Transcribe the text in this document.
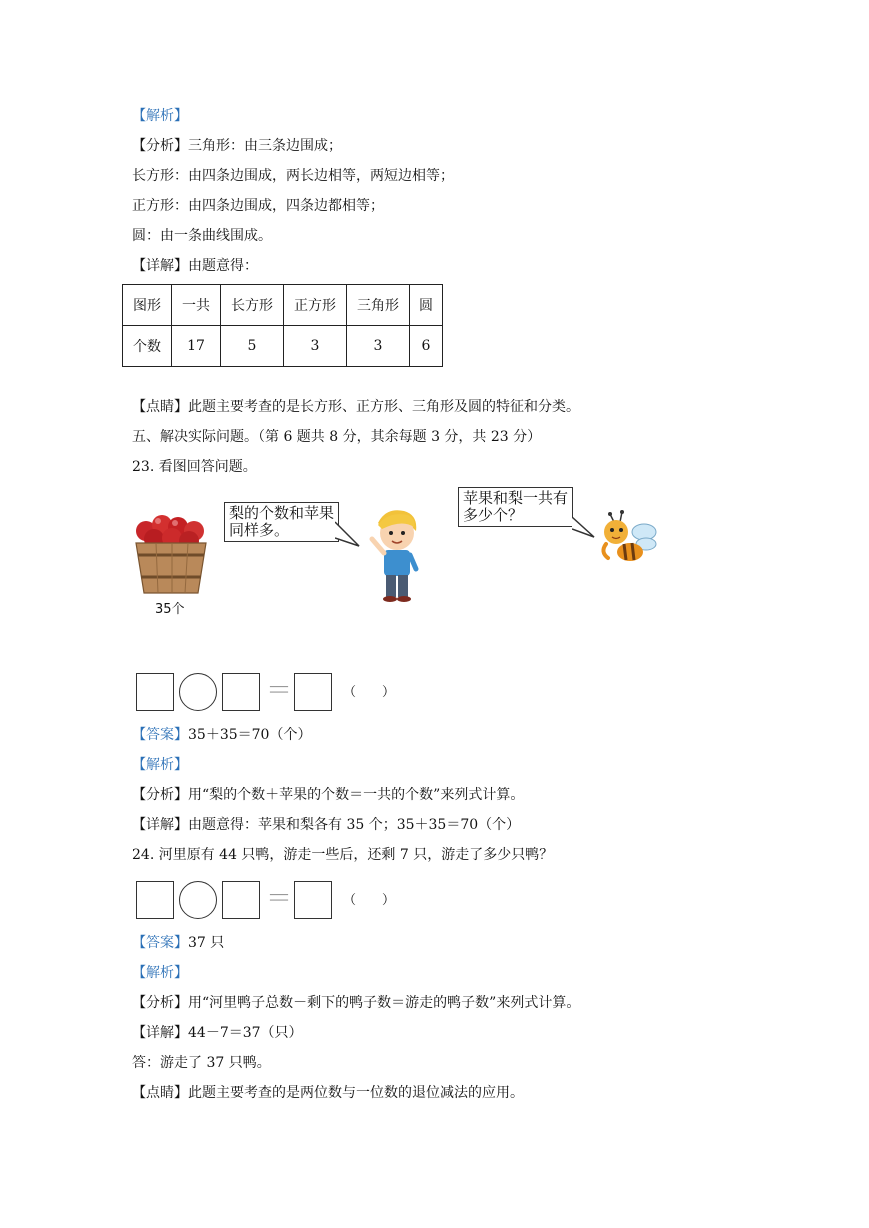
【解析】
【分析】三角形：由三条边围成；
长方形：由四条边围成，两长边相等，两短边相等；
正方形：由四条边围成，四条边都相等；
圆：由一条曲线围成。
【详解】由题意得：
图形	一共	长方形	正方形	三角形	圆
个数	17	5	3	3	6
【点睛】此题主要考查的是长方形、正方形、三角形及圆的特征和分类。
五、解决实际问题。（第 6 题共 8 分，其余每题 3 分，共 23 分）
23. 看图回答问题。
35个
梨的个数和苹果
同样多。
苹果和梨一共有
多少个？
＝	（　　）
【答案】35＋35＝70（个）
【解析】
【分析】用“梨的个数＋苹果的个数＝一共的个数”来列式计算。
【详解】由题意得：苹果和梨各有 35 个；35＋35＝70（个）
24. 河里原有 44 只鸭，游走一些后，还剩 7 只，游走了多少只鸭？
＝	（　　）
【答案】37 只
【解析】
【分析】用“河里鸭子总数－剩下的鸭子数＝游走的鸭子数”来列式计算。
【详解】44－7＝37（只）
答：游走了 37 只鸭。
【点睛】此题主要考查的是两位数与一位数的退位减法的应用。
